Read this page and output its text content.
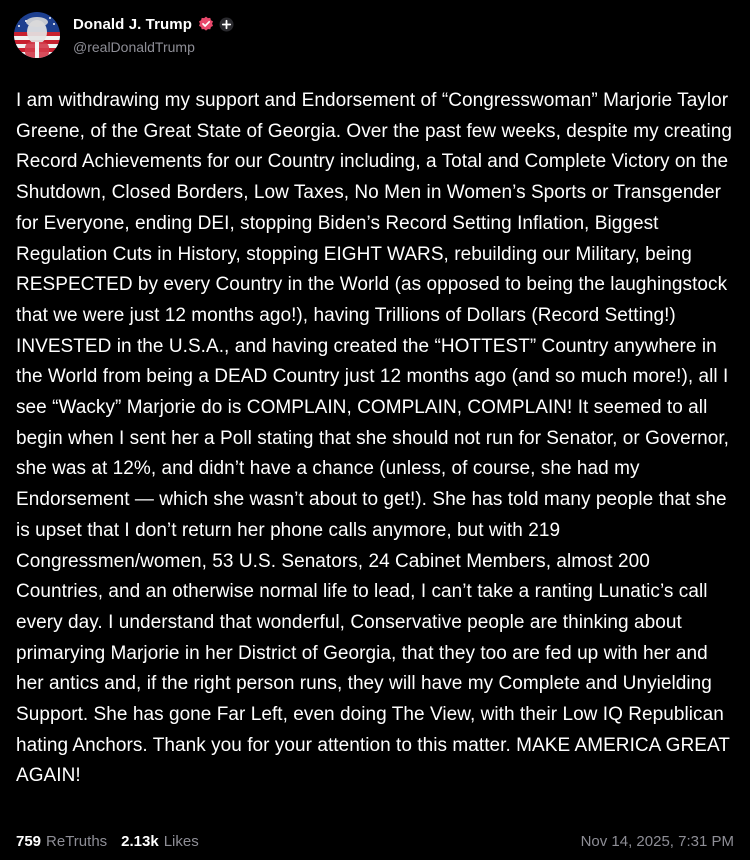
Donald J. Trump
@realDonaldTrump
I am withdrawing my support and Endorsement of “Congresswoman” Marjorie Taylor Greene, of the Great State of Georgia. Over the past few weeks, despite my creating Record Achievements for our Country including, a Total and Complete Victory on the Shutdown, Closed Borders, Low Taxes, No Men in Women’s Sports or Transgender for Everyone, ending DEI, stopping Biden’s Record Setting Inflation, Biggest Regulation Cuts in History, stopping EIGHT WARS, rebuilding our Military, being RESPECTED by every Country in the World (as opposed to being the laughingstock that we were just 12 months ago!), having Trillions of Dollars (Record Setting!) INVESTED in the U.S.A., and having created the “HOTTEST” Country anywhere in the World from being a DEAD Country just 12 months ago (and so much more!), all I see “Wacky” Marjorie do is COMPLAIN, COMPLAIN, COMPLAIN! It seemed to all begin when I sent her a Poll stating that she should not run for Senator, or Governor, she was at 12%, and didn’t have a chance (unless, of course, she had my Endorsement — which she wasn’t about to get!). She has told many people that she is upset that I don’t return her phone calls anymore, but with 219 Congressmen/women, 53 U.S. Senators, 24 Cabinet Members, almost 200 Countries, and an otherwise normal life to lead, I can’t take a ranting Lunatic’s call every day. I understand that wonderful, Conservative people are thinking about primarying Marjorie in her District of Georgia, that they too are fed up with her and her antics and, if the right person runs, they will have my Complete and Unyielding Support. She has gone Far Left, even doing The View, with their Low IQ Republican hating Anchors. Thank you for your attention to this matter. MAKE AMERICA GREAT AGAIN!
759 ReTruths 2.13k Likes	Nov 14, 2025, 7:31 PM
